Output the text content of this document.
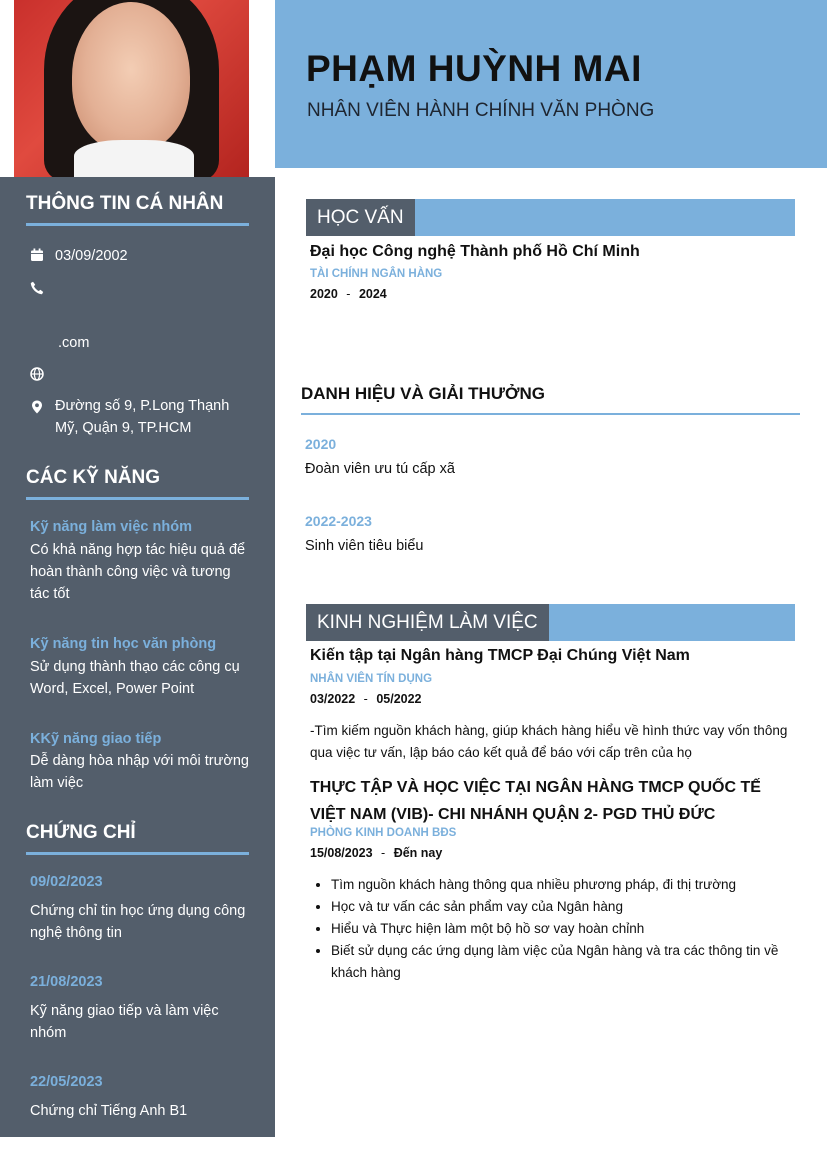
PHẠM HUỲNH MAI
NHÂN VIÊN HÀNH CHÍNH VĂN PHÒNG
THÔNG TIN CÁ NHÂN
03/09/2002
.com
Đường số 9, P.Long Thạnh Mỹ, Quận 9, TP.HCM
CÁC KỸ NĂNG
Kỹ năng làm việc nhóm
Có khả năng hợp tác hiệu quả để hoàn thành công việc và tương tác tốt
Kỹ năng tin học văn phòng
Sử dụng thành thạo các công cụ Word, Excel, Power Point
KKỹ năng giao tiếp
Dễ dàng hòa nhập với môi trường làm việc
CHỨNG CHỈ
09/02/2023
Chứng chỉ tin học ứng dụng công nghệ thông tin
21/08/2023
Kỹ năng giao tiếp và làm việc nhóm
22/05/2023
Chứng chỉ Tiếng Anh B1
HỌC VẤN
Đại học Công nghệ Thành phố Hồ Chí Minh
TÀI CHÍNH NGÂN HÀNG
2020 - 2024
DANH HIỆU VÀ GIẢI THƯỞNG
2020
Đoàn viên ưu tú cấp xã
2022-2023
Sinh viên tiêu biểu
KINH NGHIỆM LÀM VIỆC
Kiến tập tại Ngân hàng TMCP Đại Chúng Việt Nam
NHÂN VIÊN TÍN DỤNG
03/2022 - 05/2022
-Tìm kiếm nguồn khách hàng, giúp khách hàng hiểu về hình thức vay vốn thông qua việc tư vấn, lập báo cáo kết quả để báo với cấp trên của họ
THỰC TẬP VÀ HỌC VIỆC TẠI NGÂN HÀNG TMCP QUỐC TẾ VIỆT NAM (VIB)- CHI NHÁNH QUẬN 2- PGD THỦ ĐỨC
PHÒNG KINH DOANH BĐS
15/08/2023 - Đến nay
• Tìm nguồn khách hàng thông qua nhiều phương pháp, đi thị trường
• Học và tư vấn các sản phẩm vay của Ngân hàng
• Hiểu và Thực hiện làm một bộ hồ sơ vay hoàn chỉnh
• Biết sử dụng các ứng dụng làm việc của Ngân hàng và tra các thông tin về khách hàng
